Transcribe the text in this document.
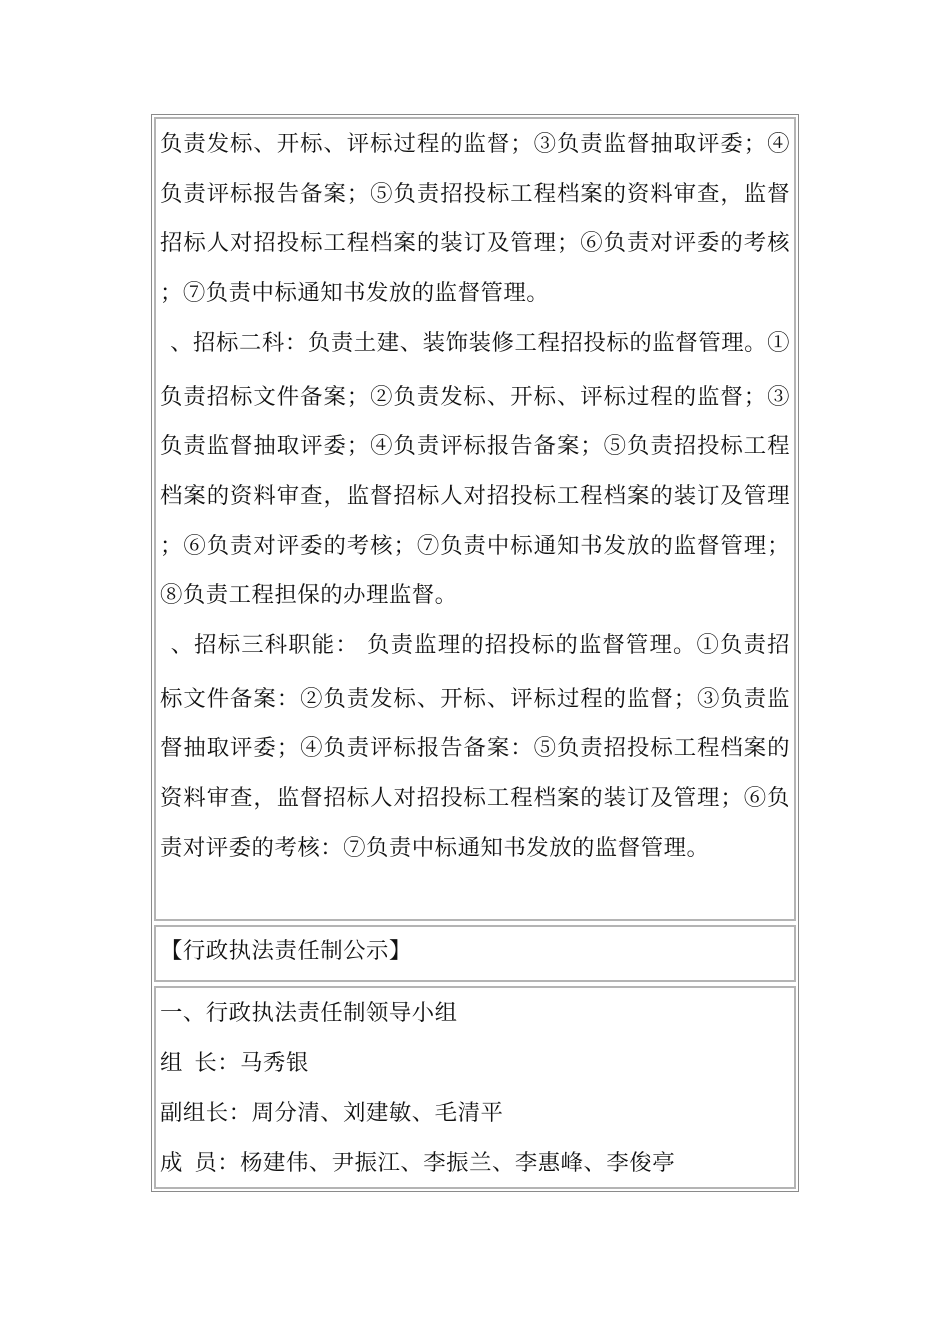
负责发标、开标、评标过程的监督；③负责监督抽取评委；④负责评标报告备案；⑤负责招投标工程档案的资料审查，监督招标人对招投标工程档案的装订及管理；⑥负责对评委的考核；⑦负责中标通知书发放的监督管理。

、招标二科：负责土建、装饰装修工程招投标的监督管理。①负责招标文件备案；②负责发标、开标、评标过程的监督；③负责监督抽取评委；④负责评标报告备案；⑤负责招投标工程档案的资料审查，监督招标人对招投标工程档案的装订及管理；⑥负责对评委的考核；⑦负责中标通知书发放的监督管理；⑧负责工程担保的办理监督。

、招标三科职能： 负责监理的招投标的监督管理。①负责招标文件备案：②负责发标、开标、评标过程的监督；③负责监督抽取评委；④负责评标报告备案：⑤负责招投标工程档案的资料审查，监督招标人对招投标工程档案的装订及管理；⑥负责对评委的考核：⑦负责中标通知书发放的监督管理。

【行政执法责任制公示】

一、行政执法责任制领导小组
组长：马秀银
副组长：周分清、刘建敏、毛清平
成员：杨建伟、尹振江、李振兰、李惠峰、李俊亭
